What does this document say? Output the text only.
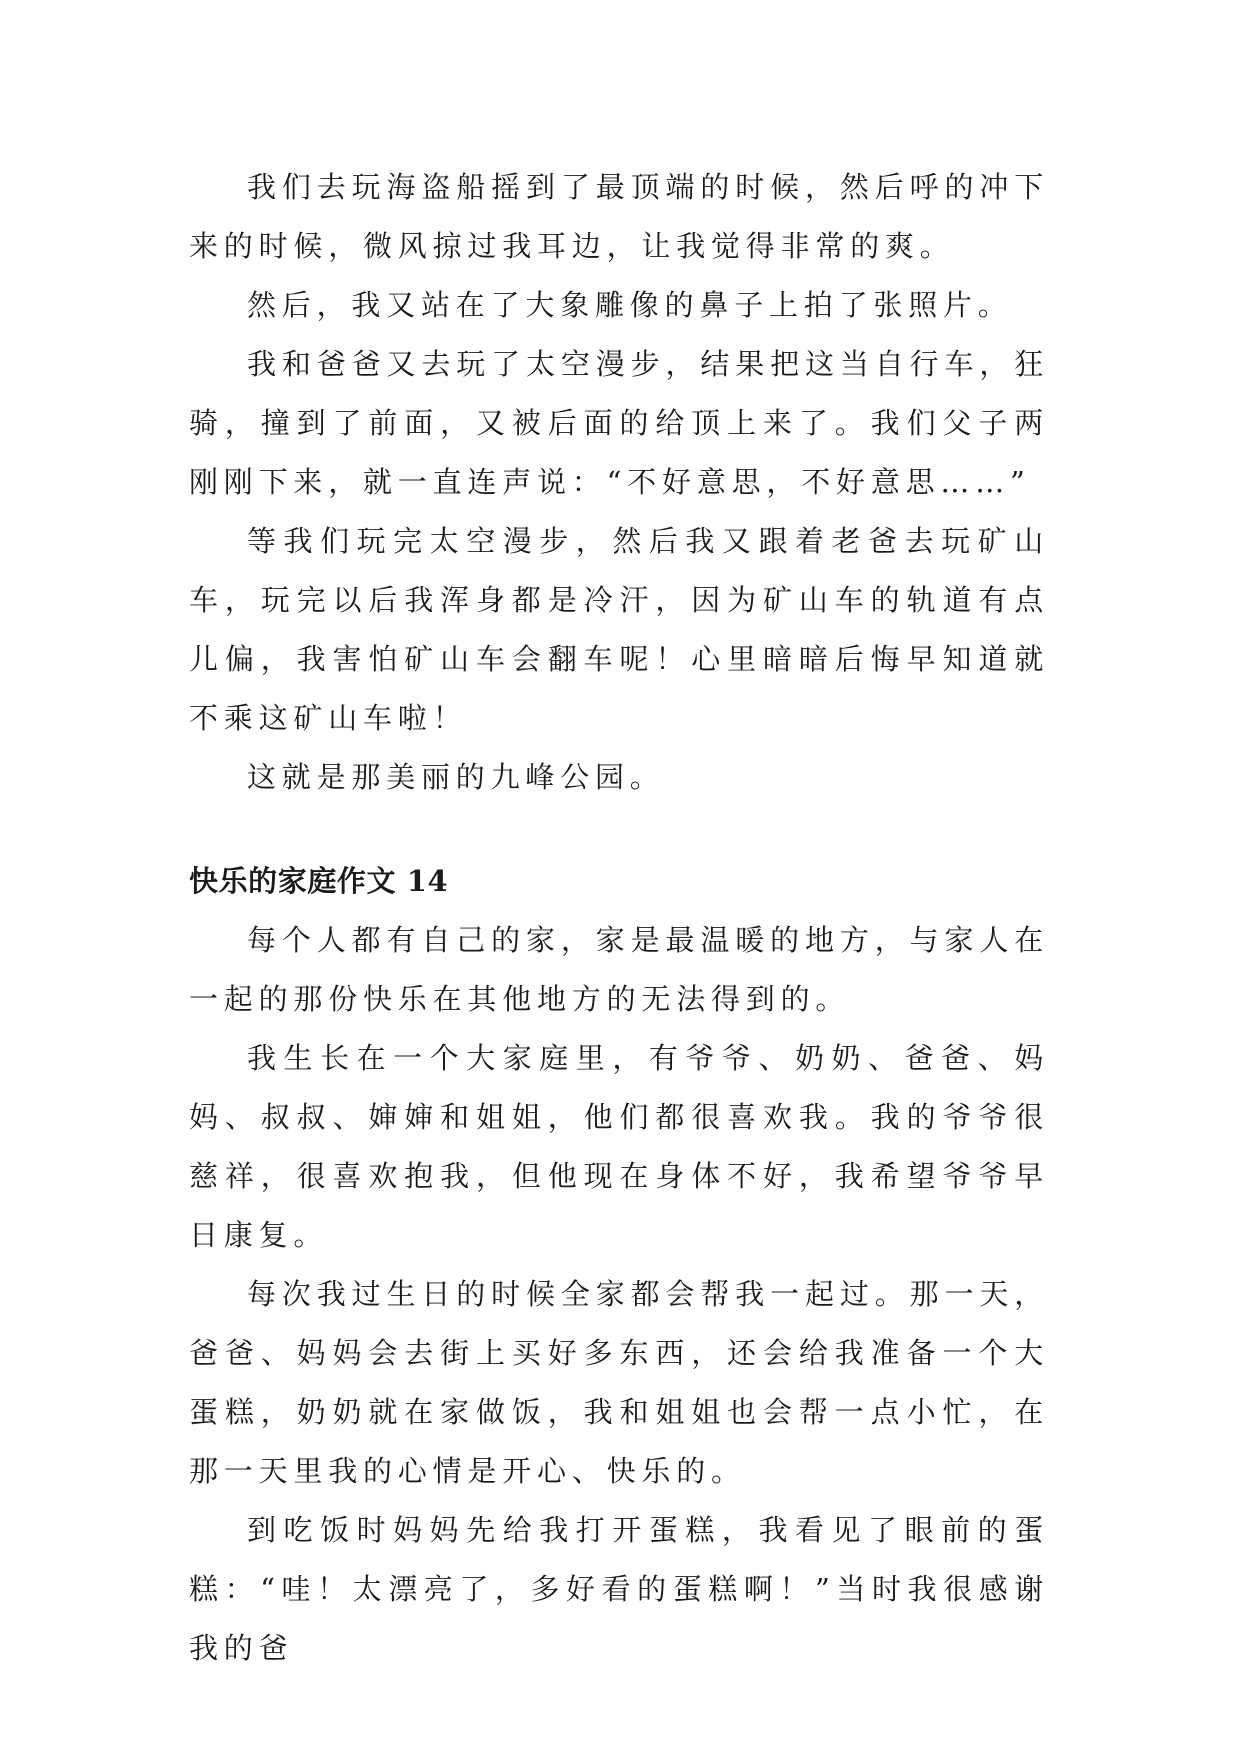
我们去玩海盗船摇到了最顶端的时候，然后呼的冲下来的时候，微风掠过我耳边，让我觉得非常的爽。

然后，我又站在了大象雕像的鼻子上拍了张照片。

我和爸爸又去玩了太空漫步，结果把这当自行车，狂骑，撞到了前面，又被后面的给顶上来了。我们父子两刚刚下来，就一直连声说：“不好意思，不好意思……”

等我们玩完太空漫步，然后我又跟着老爸去玩矿山车，玩完以后我浑身都是冷汗，因为矿山车的轨道有点儿偏，我害怕矿山车会翻车呢！心里暗暗后悔早知道就不乘这矿山车啦！

这就是那美丽的九峰公园。

快乐的家庭作文 14

每个人都有自己的家，家是最温暖的地方，与家人在一起的那份快乐在其他地方的无法得到的。

我生长在一个大家庭里，有爷爷、奶奶、爸爸、妈妈、叔叔、婶婶和姐姐，他们都很喜欢我。我的爷爷很慈祥，很喜欢抱我，但他现在身体不好，我希望爷爷早日康复。

每次我过生日的时候全家都会帮我一起过。那一天，爸爸、妈妈会去街上买好多东西，还会给我准备一个大蛋糕，奶奶就在家做饭，我和姐姐也会帮一点小忙，在那一天里我的心情是开心、快乐的。

到吃饭时妈妈先给我打开蛋糕，我看见了眼前的蛋糕：“哇！太漂亮了，多好看的蛋糕啊！”当时我很感谢我的爸
